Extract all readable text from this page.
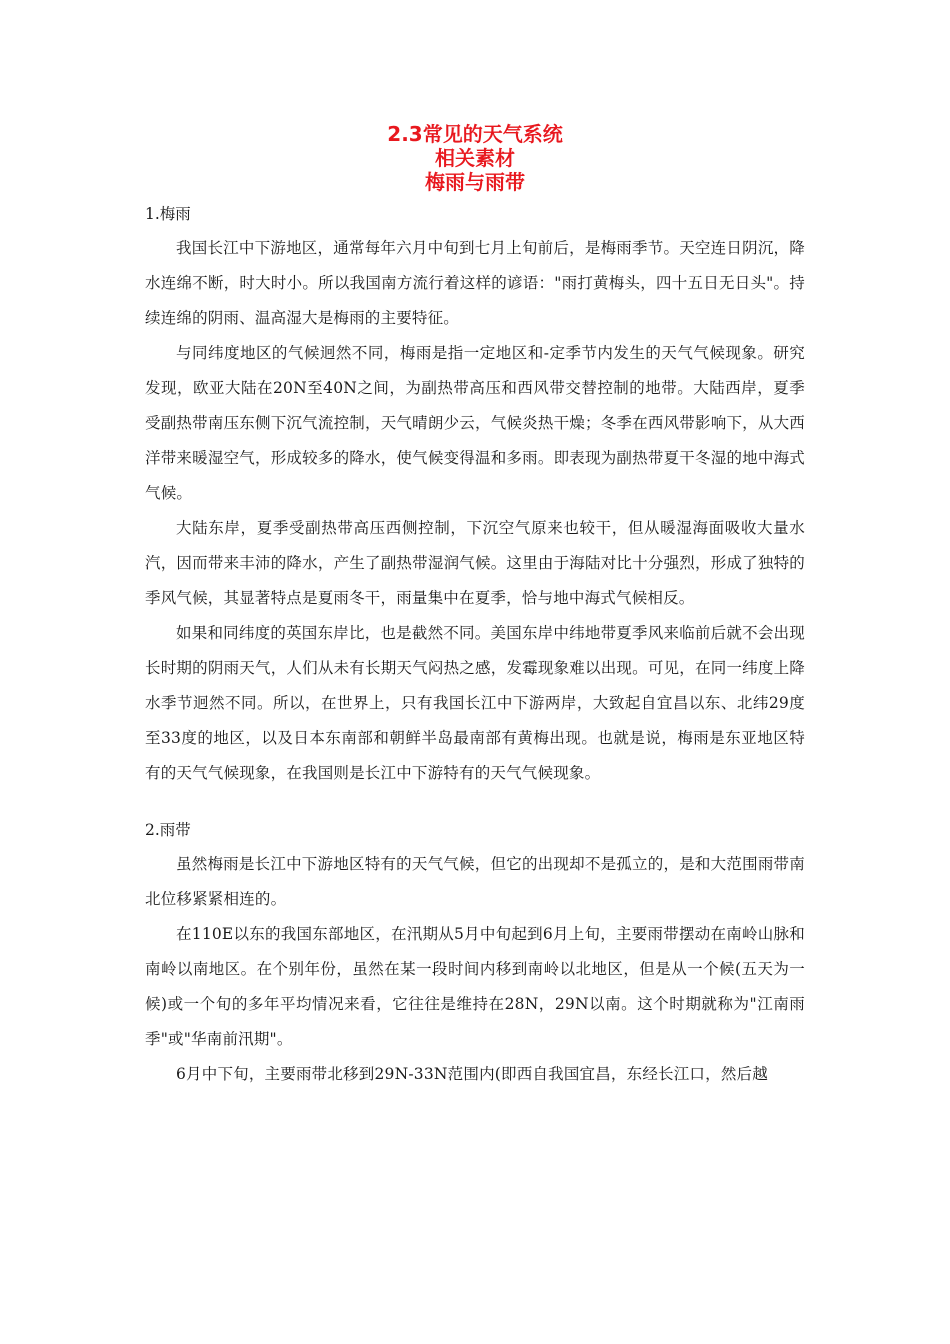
2.3常见的天气系统
相关素材
梅雨与雨带

1.梅雨

我国长江中下游地区，通常每年六月中旬到七月上旬前后，是梅雨季节。天空连日阴沉，降水连绵不断，时大时小。所以我国南方流行着这样的谚语："雨打黄梅头，四十五日无日头"。持续连绵的阴雨、温高湿大是梅雨的主要特征。

与同纬度地区的气候迥然不同，梅雨是指一定地区和-定季节内发生的天气气候现象。研究发现，欧亚大陆在20N至40N之间，为副热带高压和西风带交替控制的地带。大陆西岸，夏季受副热带南压东侧下沉气流控制，天气晴朗少云，气候炎热干燥；冬季在西风带影响下，从大西洋带来暖湿空气，形成较多的降水，使气候变得温和多雨。即表现为副热带夏干冬湿的地中海式气候。

大陆东岸，夏季受副热带高压西侧控制，下沉空气原来也较干，但从暖湿海面吸收大量水汽，因而带来丰沛的降水，产生了副热带湿润气候。这里由于海陆对比十分强烈，形成了独特的季风气候，其显著特点是夏雨冬干，雨量集中在夏季，恰与地中海式气候相反。

如果和同纬度的英国东岸比，也是截然不同。美国东岸中纬地带夏季风来临前后就不会出现长时期的阴雨天气，人们从未有长期天气闷热之感，发霉现象难以出现。可见，在同一纬度上降水季节迥然不同。所以，在世界上，只有我国长江中下游两岸，大致起自宜昌以东、北纬29度至33度的地区，以及日本东南部和朝鲜半岛最南部有黄梅出现。也就是说，梅雨是东亚地区特有的天气气候现象，在我国则是长江中下游特有的天气气候现象。

2.雨带

虽然梅雨是长江中下游地区特有的天气气候，但它的出现却不是孤立的，是和大范围雨带南北位移紧紧相连的。

在110E以东的我国东部地区，在汛期从5月中旬起到6月上旬，主要雨带摆动在南岭山脉和南岭以南地区。在个别年份，虽然在某一段时间内移到南岭以北地区，但是从一个候(五天为一候)或一个旬的多年平均情况来看，它往往是维持在28N，29N以南。这个时期就称为"江南雨季"或"华南前汛期"。

6月中下旬，主要雨带北移到29N-33N范围内(即西自我国宜昌，东经长江口，然后越
